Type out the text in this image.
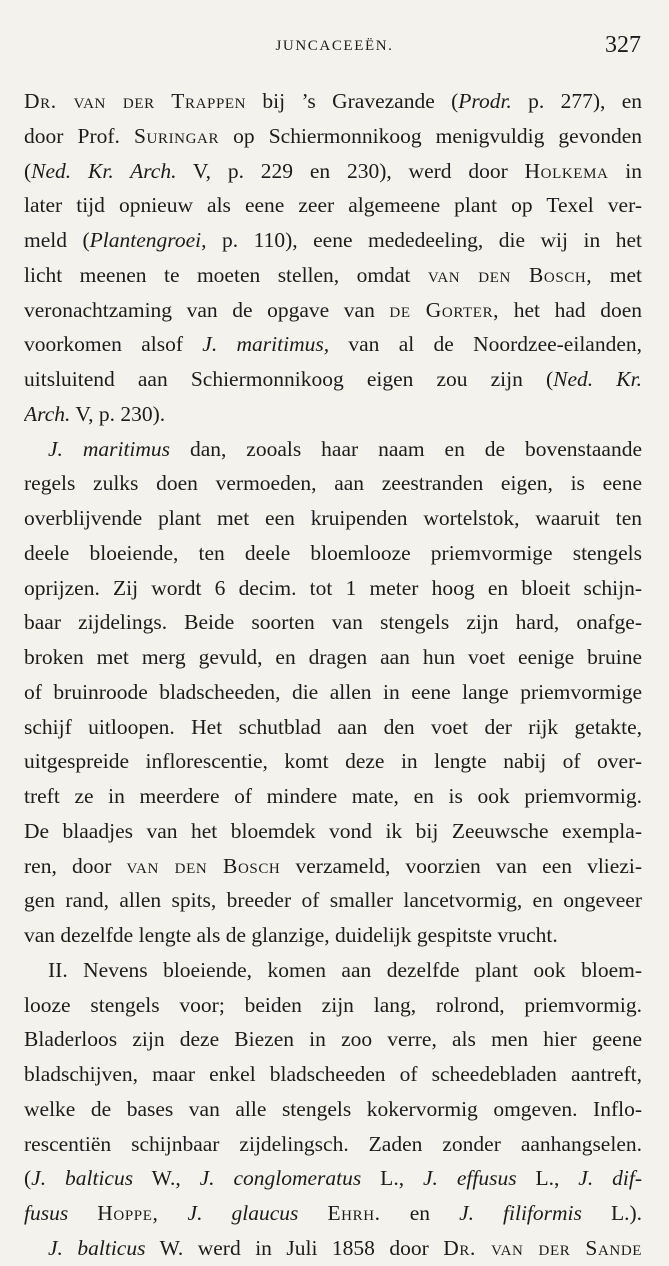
JUNCACEEËN.	327
Dr. van der Trappen bij ’s Gravezande (Prodr. p. 277), en
door Prof. Suringar op Schiermonnikoog menigvuldig gevonden
(Ned. Kr. Arch. V, p. 229 en 230), werd door Holkema in
later tijd opnieuw als eene zeer algemeene plant op Texel ver-
meld (Plantengroei, p. 110), eene mededeeling, die wij in het
licht meenen te moeten stellen, omdat van den Bosch, met
veronachtzaming van de opgave van de Gorter, het had doen
voorkomen alsof J. maritimus, van al de Noordzee-eilanden,
uitsluitend aan Schiermonnikoog eigen zou zijn (Ned. Kr.
Arch. V, p. 230).
J. maritimus dan, zooals haar naam en de bovenstaande
regels zulks doen vermoeden, aan zeestranden eigen, is eene
overblijvende plant met een kruipenden wortelstok, waaruit ten
deele bloeiende, ten deele bloemlooze priemvormige stengels
oprijzen. Zij wordt 6 decim. tot 1 meter hoog en bloeit schijn-
baar zijdelings. Beide soorten van stengels zijn hard, onafge-
broken met merg gevuld, en dragen aan hun voet eenige bruine
of bruinroode bladscheeden, die allen in eene lange priemvormige
schijf uitloopen. Het schutblad aan den voet der rijk getakte,
uitgespreide inflorescentie, komt deze in lengte nabij of over-
treft ze in meerdere of mindere mate, en is ook priemvormig.
De blaadjes van het bloemdek vond ik bij Zeeuwsche exempla-
ren, door van den Bosch verzameld, voorzien van een vliezi-
gen rand, allen spits, breeder of smaller lancetvormig, en ongeveer
van dezelfde lengte als de glanzige, duidelijk gespitste vrucht.
II. Nevens bloeiende, komen aan dezelfde plant ook bloem-
looze stengels voor; beiden zijn lang, rolrond, priemvormig.
Bladerloos zijn deze Biezen in zoo verre, als men hier geene
bladschijven, maar enkel bladscheeden of scheedebladen aantreft,
welke de bases van alle stengels kokervormig omgeven. Inflo-
rescentiën schijnbaar zijdelingsch. Zaden zonder aanhangselen.
(J. balticus W., J. conglomeratus L., J. effusus L., J. dif-
fusus Hoppe, J. glaucus Ehrh. en J. filiformis L.).
J. balticus W. werd in Juli 1858 door Dr. van der Sande
